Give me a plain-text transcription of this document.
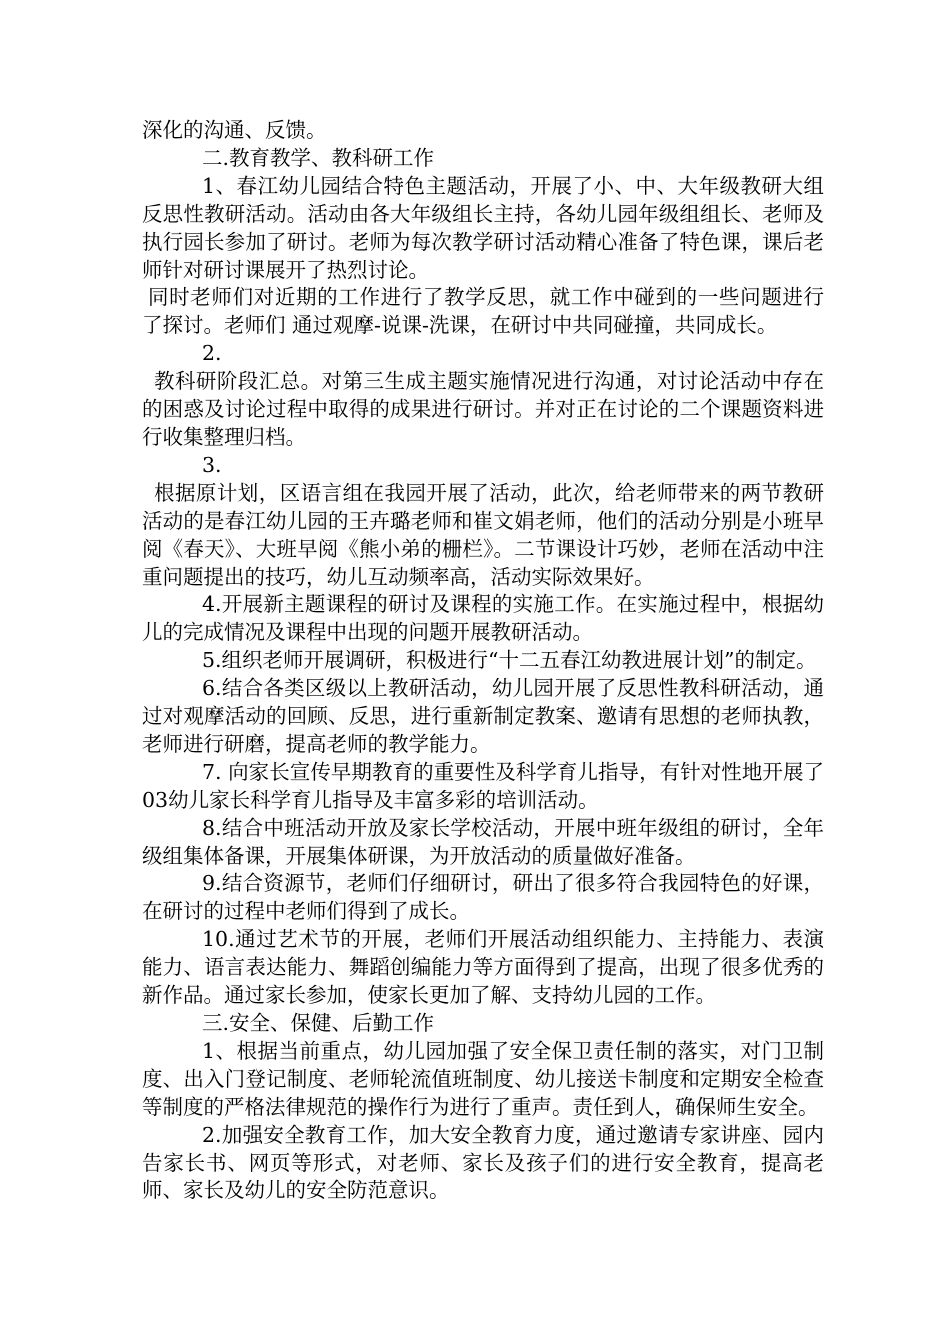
深化的沟通、反馈。

二.教育教学、教科研工作

1、春江幼儿园结合特色主题活动，开展了小、中、大年级教研大组反思性教研活动。活动由各大年级组长主持，各幼儿园年级组组长、老师及执行园长参加了研讨。老师为每次教学研讨活动精心准备了特色课，课后老师针对研讨课展开了热烈讨论。

同时老师们对近期的工作进行了教学反思，就工作中碰到的一些问题进行了探讨。老师们 通过观摩-说课-洗课，在研讨中共同碰撞，共同成长。

2.

教科研阶段汇总。对第三生成主题实施情况进行沟通，对讨论活动中存在的困惑及讨论过程中取得的成果进行研讨。并对正在讨论的二个课题资料进行收集整理归档。

3.

根据原计划，区语言组在我园开展了活动，此次，给老师带来的两节教研活动的是春江幼儿园的王卉璐老师和崔文娟老师，他们的活动分别是小班早阅《春天》、大班早阅《熊小弟的栅栏》。二节课设计巧妙，老师在活动中注重问题提出的技巧，幼儿互动频率高，活动实际效果好。

4.开展新主题课程的研讨及课程的实施工作。在实施过程中，根据幼儿的完成情况及课程中出现的问题开展教研活动。

5.组织老师开展调研，积极进行“十二五春江幼教进展计划”的制定。

6.结合各类区级以上教研活动，幼儿园开展了反思性教科研活动，通过对观摩活动的回顾、反思，进行重新制定教案、邀请有思想的老师执教，老师进行研磨，提高老师的教学能力。

7. 向家长宣传早期教育的重要性及科学育儿指导，有针对性地开展了03幼儿家长科学育儿指导及丰富多彩的培训活动。

8.结合中班活动开放及家长学校活动，开展中班年级组的研讨，全年级组集体备课，开展集体研课，为开放活动的质量做好准备。

9.结合资源节，老师们仔细研讨，研出了很多符合我园特色的好课，在研讨的过程中老师们得到了成长。

10.通过艺术节的开展，老师们开展活动组织能力、主持能力、表演能力、语言表达能力、舞蹈创编能力等方面得到了提高，出现了很多优秀的新作品。通过家长参加，使家长更加了解、支持幼儿园的工作。

三.安全、保健、后勤工作

1、根据当前重点，幼儿园加强了安全保卫责任制的落实，对门卫制度、出入门登记制度、老师轮流值班制度、幼儿接送卡制度和定期安全检查等制度的严格法律规范的操作行为进行了重声。责任到人，确保师生安全。

2.加强安全教育工作，加大安全教育力度，通过邀请专家讲座、园内告家长书、网页等形式，对老师、家长及孩子们的进行安全教育，提高老师、家长及幼儿的安全防范意识。
